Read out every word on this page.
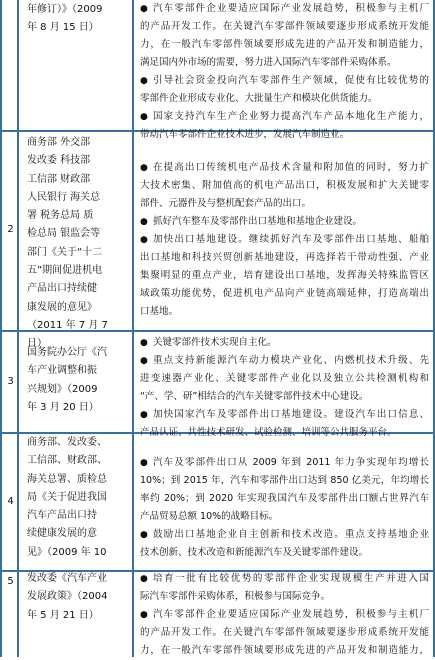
年修订）》（2009
年 8 月 15 日）
● 汽车零部件企业要适应国际产业发展趋势，积极参与主机厂
的产品开发工作。在关键汽车零部件领域要逐步形成系统开发能
力，在一般汽车零部件领域要形成先进的产品开发和制造能力，
满足国内外市场的需要，努力进入国际汽车零部件采购体系。
● 引导社会资金投向汽车零部件生产领域，促使有比较优势的
零部件企业形成专业化、大批量生产和模块化供货能力。
● 国家支持汽车生产企业努力提高汽车产品本地化生产能力，
带动汽车零部件企业技术进步，发展汽车制造业。
2
商务部 外交部
发改委 科技部
工信部 财政部
人民银行 海关总
署 税务总局 质
检总局 银监会等
部门《关于“十二
五”期间促进机电
产品出口持续健
康发展的意见》
（2011 年 7 月 7
日）
● 在提高出口传统机电产品技术含量和附加值的同时，努力扩
大技术密集、附加值高的机电产品出口，积极发展和扩大关键零
部件、元器件及与整机配套产品的出口。
● 抓好汽车整车及零部件出口基地和基地企业建设。
● 加快出口基地建设。继续抓好汽车及零部件出口基地、船舶
出口基地和科技兴贸创新基地建设，再选择若干带动性强、产业
集聚明显的重点产业，培育建设出口基地，发挥海关特殊监管区
域政策功能优势，促进机电产品向产业链高端延伸，打造高端出
口基地。
3
国务院办公厅《汽
车产业调整和振
兴规划》（2009
年 3 月 20 日）
● 关键零部件技术实现自主化。
● 重点支持新能源汽车动力模块产业化、内燃机技术升级、先
进变速器产业化、关键零部件产业化以及独立公共检测机构和
“产、学、研”相结合的汽车关键零部件技术中心建设。
● 加快国家汽车及零部件出口基地建设。建设汽车出口信息、
产品认证、共性技术研发、试验检测、培训等公共服务平台。
4
商务部、发改委、
工信部、财政部、
海关总署、质检总
局《关于促进我国
汽车产品出口持
续健康发展的意
见》（2009 年 10
● 汽车及零部件出口从 2009 年到 2011 年力争实现年均增长
10%；到 2015 年，汽车和零部件出口达到 850 亿美元，年均增长
率约 20%；到 2020 年实现我国汽车及零部件出口额占世界汽车
产品贸易总额 10%的战略目标。
● 鼓励出口基地企业自主创新和技术改造。重点支持基地企业
技术创新、技术改造和新能源汽车及关键零部件建设。
5	发改委《汽车产业
发展政策》（2004
年 5 月 21 日）
● 培育一批有比较优势的零部件企业实现规模生产并进入国
际汽车零部件采购体系，积极参与国际竞争。
● 汽车零部件企业要适应国际产业发展趋势，积极参与主机厂
的产品开发工作。在关键汽车零部件领域要逐步形成系统开发能
力，在一般汽车零部件领域要形成先进的产品开发和制造能力，
